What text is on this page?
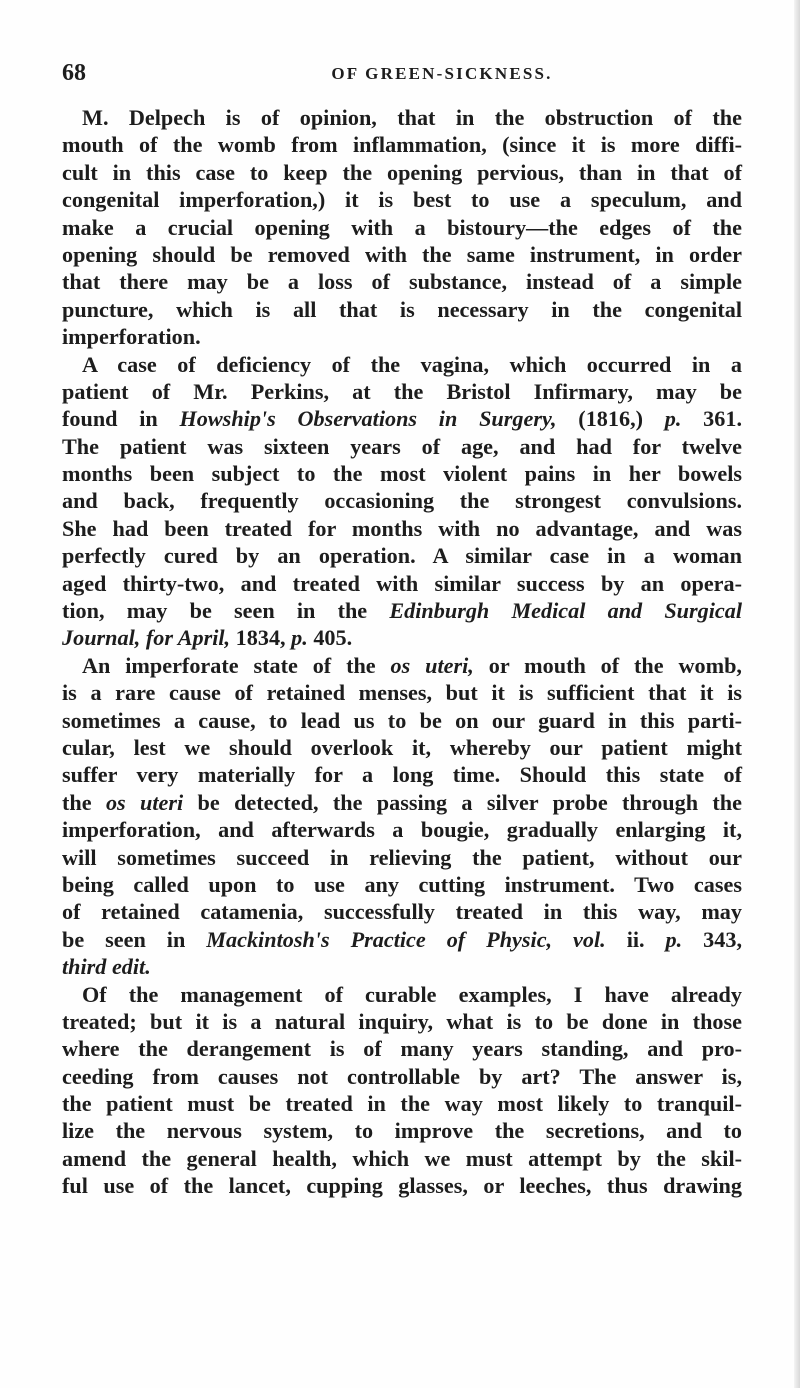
68	OF GREEN-SICKNESS.
M. Delpech is of opinion, that in the obstruction of the
mouth of the womb from inflammation, (since it is more diffi-
cult in this case to keep the opening pervious, than in that of
congenital imperforation,) it is best to use a speculum, and
make a crucial opening with a bistoury—the edges of the
opening should be removed with the same instrument, in order
that there may be a loss of substance, instead of a simple
puncture, which is all that is necessary in the congenital
imperforation.
A case of deficiency of the vagina, which occurred in a
patient of Mr. Perkins, at the Bristol Infirmary, may be
found in Howship's Observations in Surgery, (1816,) p. 361.
The patient was sixteen years of age, and had for twelve
months been subject to the most violent pains in her bowels
and back, frequently occasioning the strongest convulsions.
She had been treated for months with no advantage, and was
perfectly cured by an operation. A similar case in a woman
aged thirty-two, and treated with similar success by an opera-
tion, may be seen in the Edinburgh Medical and Surgical
Journal, for April, 1834, p. 405.
An imperforate state of the os uteri, or mouth of the womb,
is a rare cause of retained menses, but it is sufficient that it is
sometimes a cause, to lead us to be on our guard in this parti-
cular, lest we should overlook it, whereby our patient might
suffer very materially for a long time. Should this state of
the os uteri be detected, the passing a silver probe through the
imperforation, and afterwards a bougie, gradually enlarging it,
will sometimes succeed in relieving the patient, without our
being called upon to use any cutting instrument. Two cases
of retained catamenia, successfully treated in this way, may
be seen in Mackintosh's Practice of Physic, vol. ii. p. 343,
third edit.
Of the management of curable examples, I have already
treated; but it is a natural inquiry, what is to be done in those
where the derangement is of many years standing, and pro-
ceeding from causes not controllable by art? The answer is,
the patient must be treated in the way most likely to tranquil-
lize the nervous system, to improve the secretions, and to
amend the general health, which we must attempt by the skil-
ful use of the lancet, cupping glasses, or leeches, thus drawing
